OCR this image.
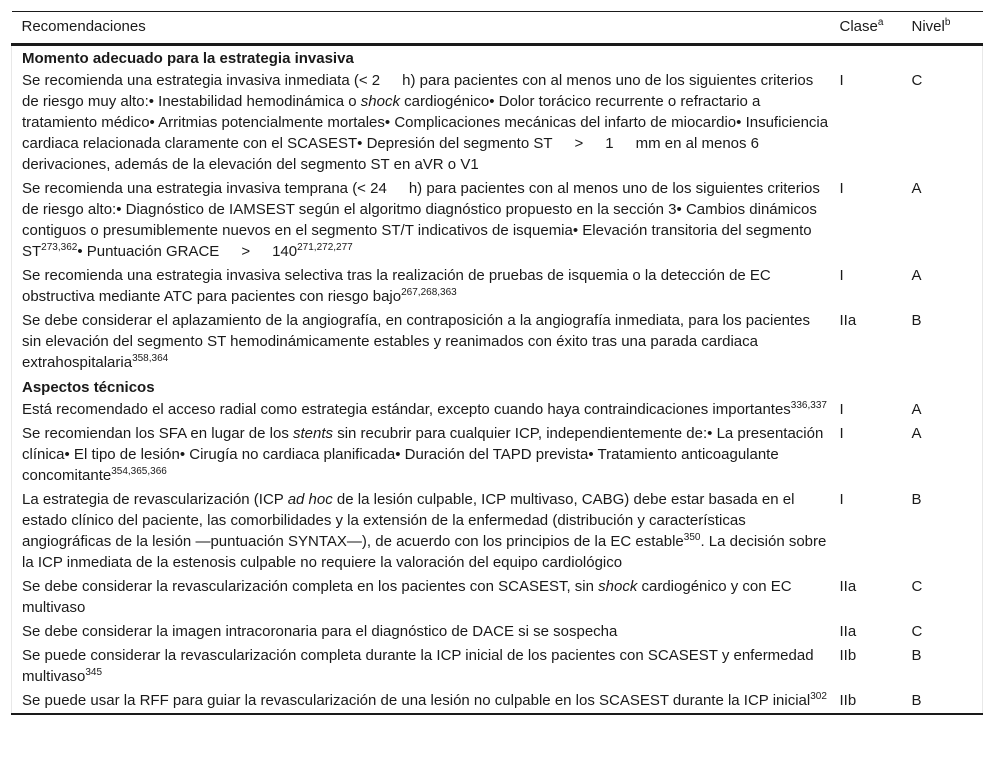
Recomendaciones	Clase$^a$	Nivel$^b$
Momento adecuado para la estrategia invasiva		
Se recomienda una estrategia invasiva inmediata (< 2 h) para pacientes con al menos uno de los siguientes criterios de riesgo muy alto:• Inestabilidad hemodinámica o shock cardiogénico• Dolor torácico recurrente o refractario a tratamiento médico• Arritmias potencialmente mortales• Complicaciones mecánicas del infarto de miocardio• Insuficiencia cardiaca relacionada claramente con el SCASEST• Depresión del segmento ST > 1 mm en al menos 6 derivaciones, además de la elevación del segmento ST en aVR o V1	I	C
Se recomienda una estrategia invasiva temprana (< 24 h) para pacientes con al menos uno de los siguientes criterios de riesgo alto:• Diagnóstico de IAMSEST según el algoritmo diagnóstico propuesto en la sección 3• Cambios dinámicos contiguos o presumiblemente nuevos en el segmento ST/T indicativos de isquemia• Elevación transitoria del segmento ST$^{273,362}$• Puntuación GRACE > $140^{271,272,277}$	I	A
Se recomienda una estrategia invasiva selectiva tras la realización de pruebas de isquemia o la detección de EC obstructiva mediante ATC para pacientes con riesgo bajo$^{267,268,363}$	I	A
Se debe considerar el aplazamiento de la angiografía, en contraposición a la angiografía inmediata, para los pacientes sin elevación del segmento ST hemodinámicamente estables y reanimados con éxito tras una parada cardiaca extrahospitalaria$^{358,364}$	IIa	B
Aspectos técnicos		
Está recomendado el acceso radial como estrategia estándar, excepto cuando haya contraindicaciones importantes$^{336,337}$	I	A
Se recomiendan los SFA en lugar de los stents sin recubrir para cualquier ICP, independientemente de:• La presentación clínica• El tipo de lesión• Cirugía no cardiaca planificada• Duración del TAPD prevista• Tratamiento anticoagulante concomitante$^{354,365,366}$	I	A
La estrategia de revascularización (ICP ad hoc de la lesión culpable, ICP multivaso, CABG) debe estar basada en el estado clínico del paciente, las comorbilidades y la extensión de la enfermedad (distribución y características angiográficas de la lesión —puntuación SYNTAX—), de acuerdo con los principios de la EC estable$^{350}$. La decisión sobre la ICP inmediata de la estenosis culpable no requiere la valoración del equipo cardiológico	I	B
Se debe considerar la revascularización completa en los pacientes con SCASEST, sin shock cardiogénico y con EC multivaso	IIa	C
Se debe considerar la imagen intracoronaria para el diagnóstico de DACE si se sospecha	IIa	C
Se puede considerar la revascularización completa durante la ICP inicial de los pacientes con SCASEST y enfermedad multivaso$^{345}$	IIb	B
Se puede usar la RFF para guiar la revascularización de una lesión no culpable en los SCASEST durante la ICP inicial$^{302}$	IIb	B
